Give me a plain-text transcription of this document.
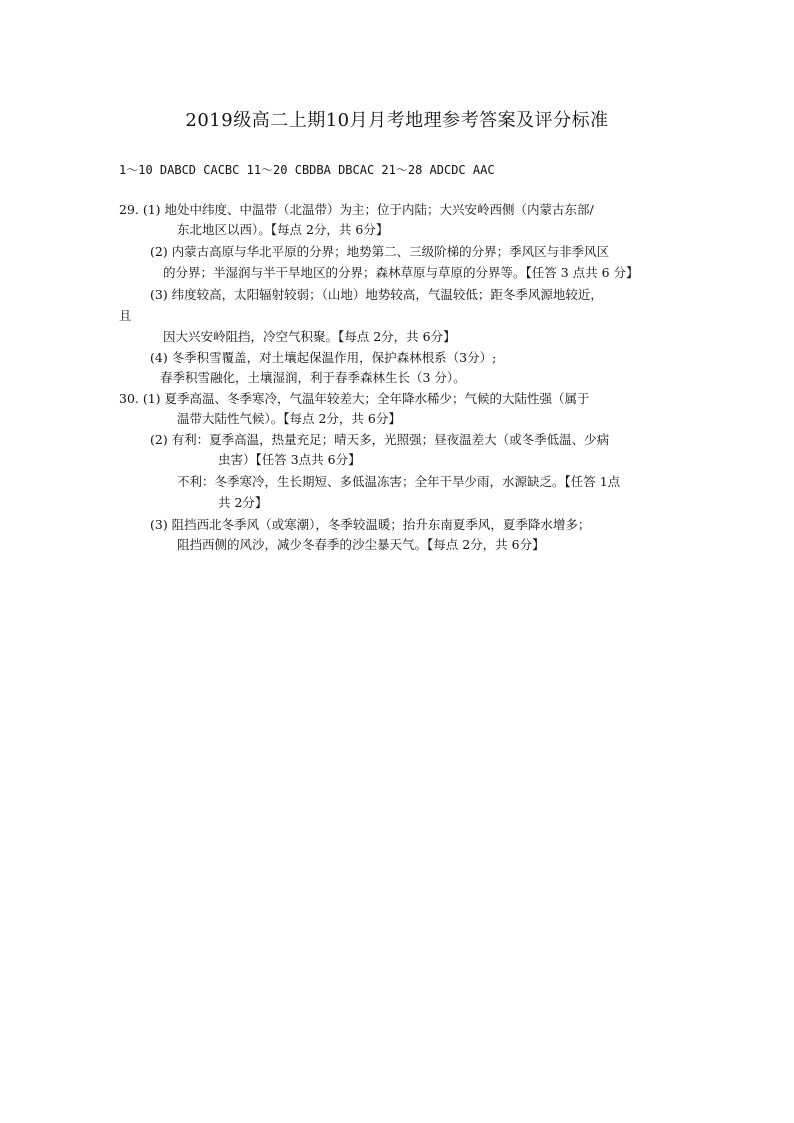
2019级高二上期10月月考地理参考答案及评分标准
1～10 DABCD CACBC 11～20 CBDBA DBCAC 21～28 ADCDC AAC
29. (1) 地处中纬度、中温带（北温带）为主；位于内陆；大兴安岭西侧（内蒙古东部/
东北地区以西）。【每点 2分，共 6分】
(2) 内蒙古高原与华北平原的分界；地势第二、三级阶梯的分界；季风区与非季风区
的分界；半湿润与半干旱地区的分界；森林草原与草原的分界等。【任答 3 点共 6 分】
(3) 纬度较高，太阳辐射较弱；（山地）地势较高，气温较低；距冬季风源地较近，
且
因大兴安岭阻挡，冷空气积聚。【每点 2分，共 6分】
(4) 冬季积雪覆盖，对土壤起保温作用，保护森林根系（3分）;
春季积雪融化，土壤湿润，利于春季森林生长（3 分）。
30. (1) 夏季高温、冬季寒冷，气温年较差大；全年降水稀少；气候的大陆性强（属于
温带大陆性气候）。【每点 2分，共 6分】
(2) 有利：夏季高温，热量充足；晴天多，光照强；昼夜温差大（或冬季低温、少病
虫害）【任答 3点共 6分】
不利：冬季寒冷，生长期短、多低温冻害；全年干旱少雨，水源缺乏。【任答 1点
共 2分】
(3) 阻挡西北冬季风（或寒潮），冬季较温暖；抬升东南夏季风，夏季降水增多；
阻挡西侧的风沙，减少冬春季的沙尘暴天气。【每点 2分，共 6分】
